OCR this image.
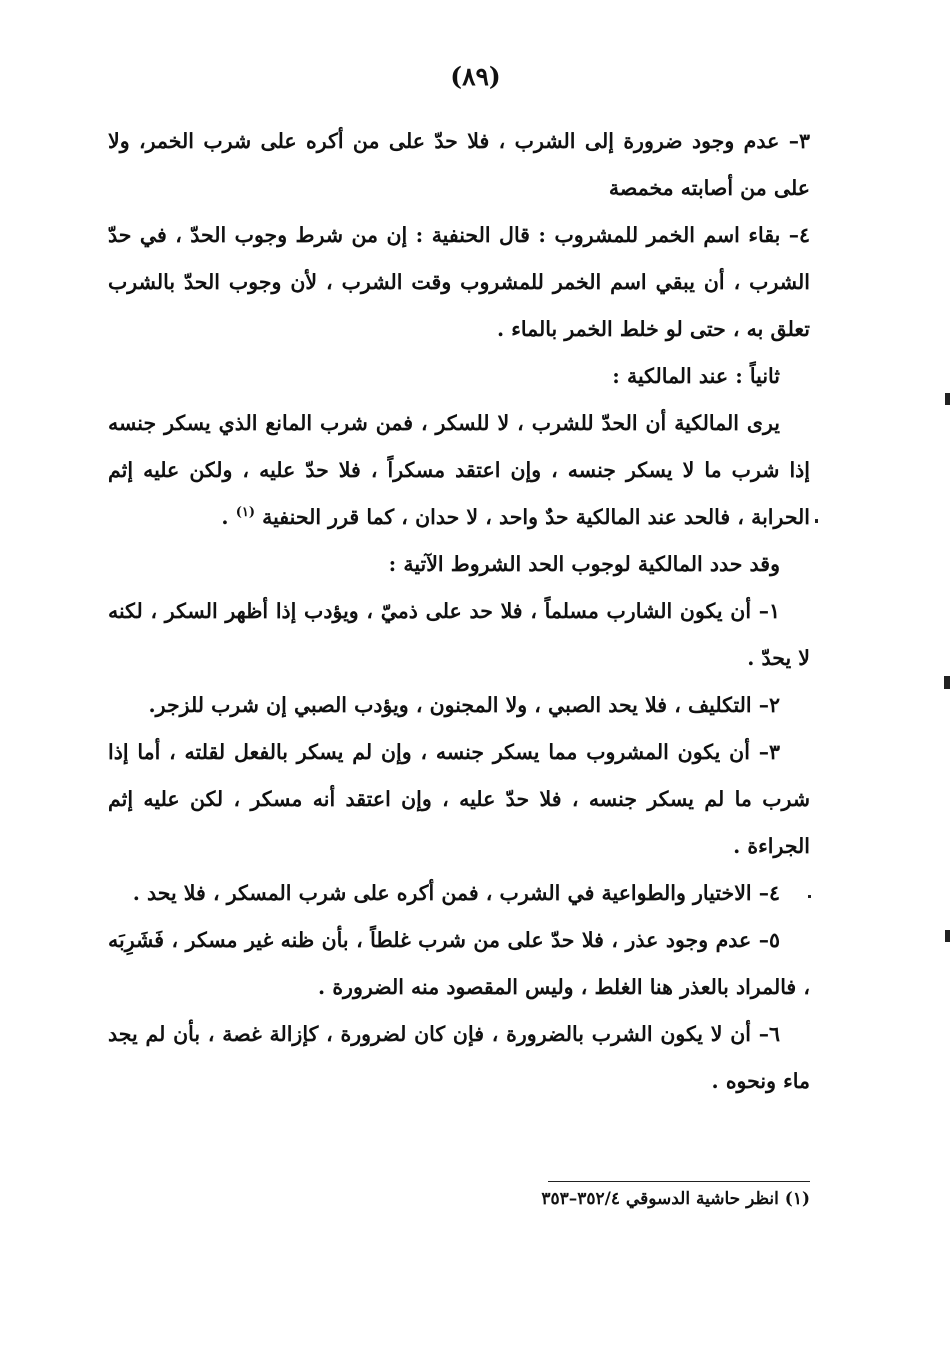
(٨٩)

٣– عدم وجود ضرورة إلى الشرب ، فلا حدّ على من أكره على شرب الخمر، ولا على من أصابته مخمصة

٤– بقاء اسم الخمر للمشروب : قال الحنفية : إن من شرط وجوب الحدّ ، في حدّ الشرب ، أن يبقي اسم الخمر للمشروب وقت الشرب ، لأن وجوب الحدّ بالشرب تعلق به ، حتى لو خلط الخمر بالماء .

ثانياً : عند المالكية :

يرى المالكية أن الحدّ للشرب ، لا للسكر ، فمن شرب المانع الذي يسكر جنسه إذا شرب ما لا يسكر جنسه ، وإن اعتقد مسكراً ، فلا حدّ عليه ، ولكن عليه إثم الحرابة ، فالحد عند المالكية حدٌ واحد ، لا حدان ، كما قرر الحنفية $^{(١)}$ .

وقد حدد المالكية لوجوب الحد الشروط الآتية :

١– أن يكون الشارب مسلماً ، فلا حد على ذميّ ، ويؤدب إذا أظهر السكر ، لكنه لا يحدّ .

٢– التكليف ، فلا يحد الصبي ، ولا المجنون ، ويؤدب الصبي إن شرب للزجر.

٣– أن يكون المشروب مما يسكر جنسه ، وإن لم يسكر بالفعل لقلته ، أما إذا شرب ما لم يسكر جنسه ، فلا حدّ عليه ، وإن اعتقد أنه مسكر ، لكن عليه إثم الجراءة .

٤– الاختيار والطواعية في الشرب ، فمن أكره على شرب المسكر ، فلا يحد .

٥– عدم وجود عذر ، فلا حدّ على من شرب غلطاً ، بأن ظنه غير مسكر ، فَشَرِبَه ، فالمراد بالعذر هنا الغلط ، وليس المقصود منه الضرورة .

٦– أن لا يكون الشرب بالضرورة ، فإن كان لضرورة ، كإزالة غصة ، بأن لم يجد ماء ونحوه .

(١) انظر حاشية الدسوقي ٣٥٢/٤–٣٥٣
